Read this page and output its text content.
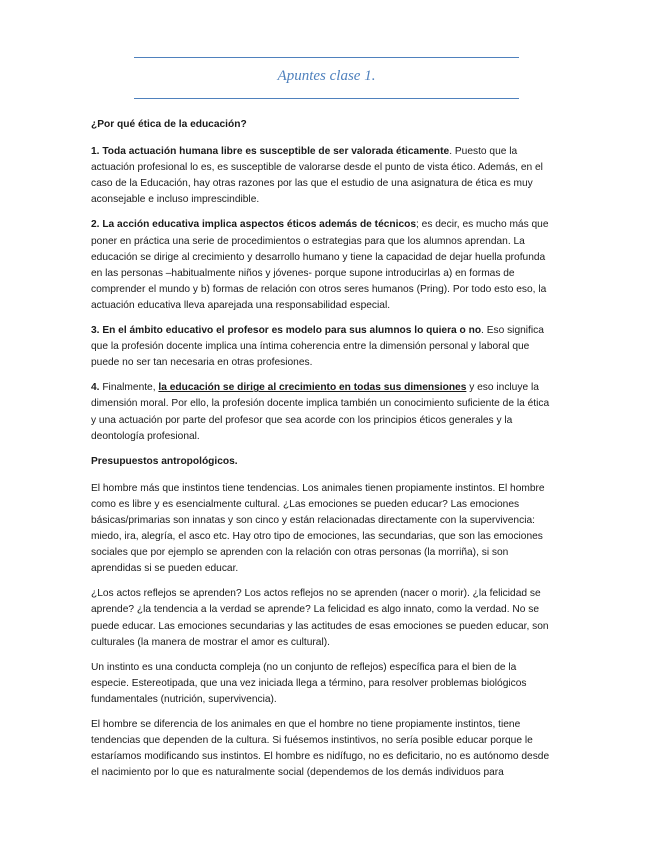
Apuntes clase 1.

¿Por qué ética de la educación?

1. Toda actuación humana libre es susceptible de ser valorada éticamente. Puesto que la actuación profesional lo es, es susceptible de valorarse desde el punto de vista ético. Además, en el caso de la Educación, hay otras razones por las que el estudio de una asignatura de ética es muy aconsejable e incluso imprescindible.

2. La acción educativa implica aspectos éticos además de técnicos; es decir, es mucho más que poner en práctica una serie de procedimientos o estrategias para que los alumnos aprendan. La educación se dirige al crecimiento y desarrollo humano y tiene la capacidad de dejar huella profunda en las personas –habitualmente niños y jóvenes- porque supone introducirlas a) en formas de comprender el mundo y b) formas de relación con otros seres humanos (Pring). Por todo esto eso, la actuación educativa lleva aparejada una responsabilidad especial.

3. En el ámbito educativo el profesor es modelo para sus alumnos lo quiera o no. Eso significa que la profesión docente implica una íntima coherencia entre la dimensión personal y laboral que puede no ser tan necesaria en otras profesiones.

4. Finalmente, la educación se dirige al crecimiento en todas sus dimensiones y eso incluye la dimensión moral. Por ello, la profesión docente implica también un conocimiento suficiente de la ética y una actuación por parte del profesor que sea acorde con los principios éticos generales y la deontología profesional.

Presupuestos antropológicos.

El hombre más que instintos tiene tendencias. Los animales tienen propiamente instintos. El hombre como es libre y es esencialmente cultural. ¿Las emociones se pueden educar? Las emociones básicas/primarias son innatas y son cinco y están relacionadas directamente con la supervivencia: miedo, ira, alegría, el asco etc. Hay otro tipo de emociones, las secundarias, que son las emociones sociales que por ejemplo se aprenden con la relación con otras personas (la morriña), si son aprendidas si se pueden educar.

¿Los actos reflejos se aprenden? Los actos reflejos no se aprenden (nacer o morir). ¿la felicidad se aprende? ¿la tendencia a la verdad se aprende? La felicidad es algo innato, como la verdad. No se puede educar. Las emociones secundarias y las actitudes de esas emociones se pueden educar, son culturales (la manera de mostrar el amor es cultural).

Un instinto es una conducta compleja (no un conjunto de reflejos) específica para el bien de la especie. Estereotipada, que una vez iniciada llega a término, para resolver problemas biológicos fundamentales (nutrición, supervivencia).

El hombre se diferencia de los animales en que el hombre no tiene propiamente instintos, tiene tendencias que dependen de la cultura. Si fuésemos instintivos, no sería posible educar porque le estaríamos modificando sus instintos. El hombre es nidífugo, no es deficitario, no es autónomo desde el nacimiento por lo que es naturalmente social (dependemos de los demás individuos para
